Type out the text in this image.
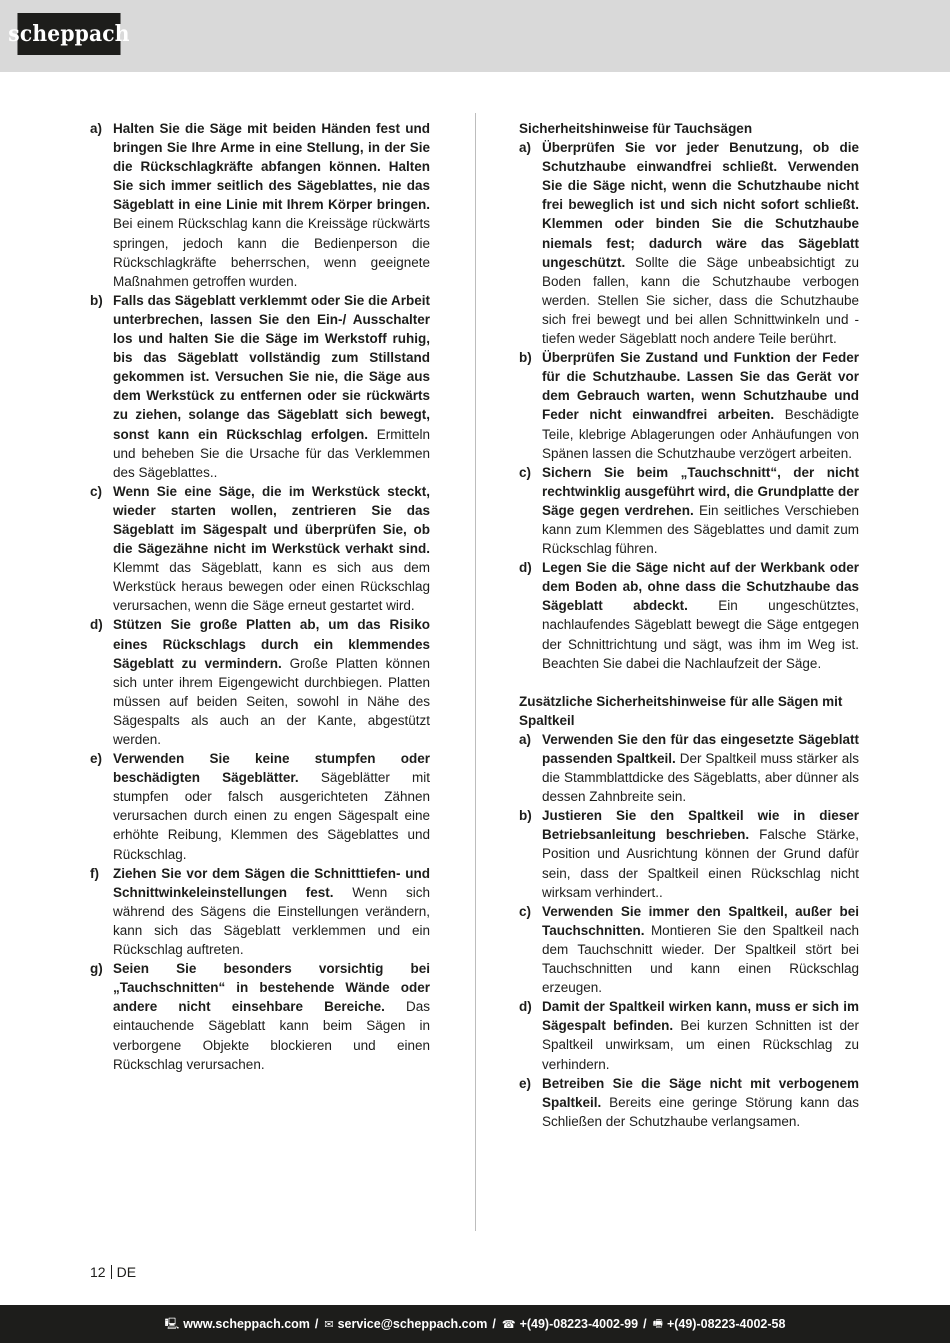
scheppach
a) Halten Sie die Säge mit beiden Händen fest und bringen Sie Ihre Arme in eine Stellung, in der Sie die Rückschlagkräfte abfangen können. Halten Sie sich immer seitlich des Sägeblattes, nie das Sägeblatt in eine Linie mit Ihrem Körper bringen. Bei einem Rückschlag kann die Kreissäge rückwärts springen, jedoch kann die Bedienperson die Rückschlagkräfte beherrschen, wenn geeignete Maßnahmen getroffen wurden.
b) Falls das Sägeblatt verklemmt oder Sie die Arbeit unterbrechen, lassen Sie den Ein-/ Ausschalter los und halten Sie die Säge im Werkstoff ruhig, bis das Sägeblatt vollständig zum Stillstand gekommen ist. Versuchen Sie nie, die Säge aus dem Werkstück zu entfernen oder sie rückwärts zu ziehen, solange das Sägeblatt sich bewegt, sonst kann ein Rückschlag erfolgen. Ermitteln und beheben Sie die Ursache für das Verklemmen des Sägeblattes..
c) Wenn Sie eine Säge, die im Werkstück steckt, wieder starten wollen, zentrieren Sie das Sägeblatt im Sägespalt und überprüfen Sie, ob die Sägezähne nicht im Werkstück verhakt sind. Klemmt das Sägeblatt, kann es sich aus dem Werkstück heraus bewegen oder einen Rückschlag verursachen, wenn die Säge erneut gestartet wird.
d) Stützen Sie große Platten ab, um das Risiko eines Rückschlags durch ein klemmendes Sägeblatt zu vermindern. Große Platten können sich unter ihrem Eigengewicht durchbiegen. Platten müssen auf beiden Seiten, sowohl in Nähe des Sägespalts als auch an der Kante, abgestützt werden.
e) Verwenden Sie keine stumpfen oder beschädigten Sägeblätter. Sägeblätter mit stumpfen oder falsch ausgerichteten Zähnen verursachen durch einen zu engen Sägespalt eine erhöhte Reibung, Klemmen des Sägeblattes und Rückschlag.
f)	Ziehen Sie vor dem Sägen die Schnitttiefen- und Schnittwinkeleinstellungen fest. Wenn sich während des Sägens die Einstellungen verändern, kann sich das Sägeblatt verklemmen und ein Rückschlag auftreten.
g) Seien Sie besonders vorsichtig bei „Tauchschnitten“ in bestehende Wände oder andere nicht einsehbare Bereiche. Das eintauchende Sägeblatt kann beim Sägen in verborgene Objekte blockieren und einen Rückschlag verursachen.

Sicherheitshinweise für Tauchsägen

a) Überprüfen Sie vor jeder Benutzung, ob die Schutzhaube einwandfrei schließt. Verwenden Sie die Säge nicht, wenn die Schutzhaube nicht frei beweglich ist und sich nicht sofort schließt. Klemmen oder binden Sie die Schutzhaube niemals fest; dadurch wäre das Sägeblatt ungeschützt. Sollte die Säge unbeabsichtigt zu Boden fallen, kann die Schutzhaube verbogen werden. Stellen Sie sicher, dass die Schutzhaube sich frei bewegt und bei allen Schnittwinkeln und -tiefen weder Sägeblatt noch andere Teile berührt.
b) Überprüfen Sie Zustand und Funktion der Feder für die Schutzhaube. Lassen Sie das Gerät vor dem Gebrauch warten, wenn Schutzhaube und Feder nicht einwandfrei arbeiten. Beschädigte Teile, klebrige Ablagerungen oder Anhäufungen von Spänen lassen die Schutzhaube verzögert arbeiten.
c) Sichern Sie beim „Tauchschnitt“, der nicht rechtwinklig ausgeführt wird, die Grundplatte der Säge gegen verdrehen. Ein seitliches Verschieben kann zum Klemmen des Sägeblattes und damit zum Rückschlag führen.
d) Legen Sie die Säge nicht auf der Werkbank oder dem Boden ab, ohne dass die Schutzhaube das Sägeblatt abdeckt. Ein ungeschütztes, nachlaufendes Sägeblatt bewegt die Säge entgegen der Schnittrichtung und sägt, was ihm im Weg ist. Beachten Sie dabei die Nachlaufzeit der Säge.

Zusätzliche Sicherheitshinweise für alle Sägen mit Spaltkeil

a) Verwenden Sie den für das eingesetzte Sägeblatt passenden Spaltkeil. Der Spaltkeil muss stärker als die Stammblattdicke des Sägeblatts, aber dünner als dessen Zahnbreite sein.
b) Justieren Sie den Spaltkeil wie in dieser Betriebsanleitung beschrieben. Falsche Stärke, Position und Ausrichtung können der Grund dafür sein, dass der Spaltkeil einen Rückschlag nicht wirksam verhindert..
c) Verwenden Sie immer den Spaltkeil, außer bei Tauchschnitten. Montieren Sie den Spaltkeil nach dem Tauchschnitt wieder. Der Spaltkeil stört bei Tauchschnitten und kann einen Rückschlag erzeugen.
d) Damit der Spaltkeil wirken kann, muss er sich im Sägespalt befinden. Bei kurzen Schnitten ist der Spaltkeil unwirksam, um einen Rückschlag zu verhindern.
e) Betreiben Sie die Säge nicht mit verbogenem Spaltkeil. Bereits eine geringe Störung kann das Schließen der Schutzhaube verlangsamen.
12 DE
🖳 www.scheppach.com / ✉ service@scheppach.com / ☎ +(49)-08223-4002-99 / 🖷 +(49)-08223-4002-58
